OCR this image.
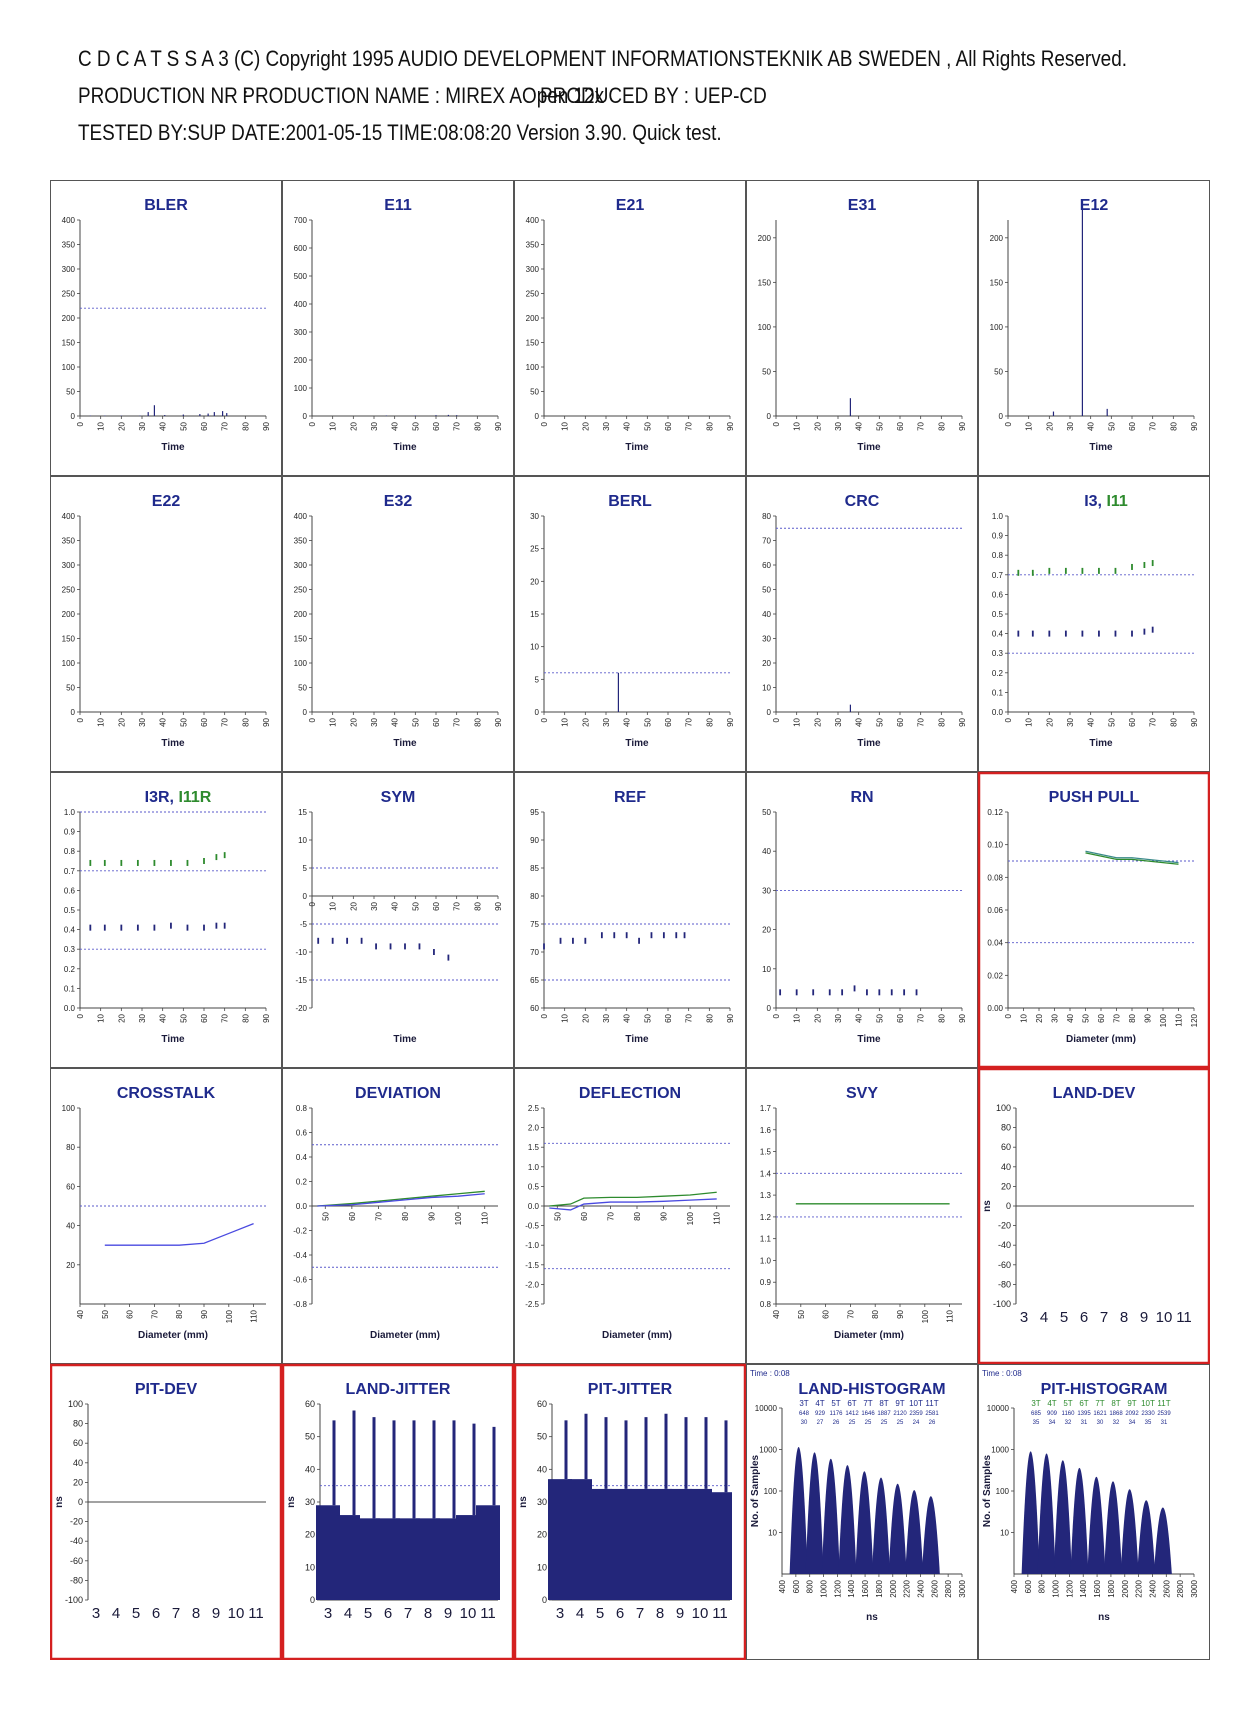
C D C A T S S A 3 (C) Copyright 1995 AUDIO DEVELOPMENT INFORMATIONSTEKNIK AB SWEDEN , All Rights Reserved.
PRODUCTION NR : PRODUCTION NAME : MIREX AOpen 12x PRODUCED BY : UEP-CD
TESTED BY:SUP DATE:2001-05-15 TIME:08:08:20 Version 3.90. Quick test.
BLER
0
50
100
150
200
250
300
350
400
0 10 20 30 40 50 60 70 80 90
Time
E11
0
100
200
300
400
500
600
700
0 10 20 30 40 50 60 70 80 90
Time
E21
0
50
100
150
200
250
300
350
400
0 10 20 30 40 50 60 70 80 90
Time
E31
0
50
100
150
200
0 10 20 30 40 50 60 70 80 90
Time
E12
0
50
100
150
200
0 10 20 30 40 50 60 70 80 90
Time
E22
0
50
100
150
200
250
300
350
400
0 10 20 30 40 50 60 70 80 90
Time
E32
0
50
100
150
200
250
300
350
400
0 10 20 30 40 50 60 70 80 90
Time
BERL
0
5
10
15
20
25
30
0 10 20 30 40 50 60 70 80 90
Time
CRC
0
10
20
30
40
50
60
70
80
0 10 20 30 40 50 60 70 80 90
Time
I3, I11
0.0
0.1
0.2
0.3
0.4
0.5
0.6
0.7
0.8
0.9
1.0
0 10 20 30 40 50 60 70 80 90
Time
I3R, I11R
0.0
0.1
0.2
0.3
0.4
0.5
0.6
0.7
0.8
0.9
1.0
0 10 20 30 40 50 60 70 80 90
Time
SYM
-20
-15
-10
-5
0
5
10
15
0 10 20 30 40 50 60 70 80 90
Time
REF
60
65
70
75
80
85
90
95
0 10 20 30 40 50 60 70 80 90
Time
RN
0
10
20
30
40
50
0 10 20 30 40 50 60 70 80 90
Time
PUSH PULL
0.00
0.02
0.04
0.06
0.08
0.10
0.12
0 10 20 30 40 50 60 70 80 90 100 110 120
Diameter (mm)
CROSSTALK
20
40
60
80
100
40 50 60 70 80 90 100 110
Diameter (mm)
DEVIATION
-0.8
-0.6
-0.4
-0.2
0.0
0.2
0.4
0.6
0.8
50 60 70 80 90 100 110
Diameter (mm)
DEFLECTION
-2.5
-2.0
-1.5
-1.0
-0.5
0.0
0.5
1.0
1.5
2.0
2.5
50 60 70 80 90 100 110
Diameter (mm)
SVY
0.8
0.9
1.0
1.1
1.2
1.3
1.4
1.5
1.6
1.7
40 50 60 70 80 90 100 110
Diameter (mm)
LAND-DEV
-100
-80
-60
-40
-20
0
20
40
60
80
100
3 4 5 6 7 8 9 10 11
ns
PIT-DEV
-100
-80
-60
-40
-20
0
20
40
60
80
100
3 4 5 6 7 8 9 10 11
ns
LAND-JITTER
0
10
20
30
40
50
60
3 4 5 6 7 8 9 10 11
ns
PIT-JITTER
0
10
20
30
40
50
60
3 4 5 6 7 8 9 10 11
ns
LAND-HISTOGRAM
Time : 0:08
10
100
1000
10000
400 600 800 1000 1200 1400 1600 1800 2000 2200 2400 2600 2800 3000
ns
No. of Samples
3T 4T 5T 6T 7T 8T 9T 10T 11T
648 929 1176 1412 1646 1887 2120 2359 2581
30 27 26 25 25 25 25 24 26
PIT-HISTOGRAM
Time : 0:08
10
100
1000
10000
400 600 800 1000 1200 1400 1600 1800 2000 2200 2400 2600 2800 3000
ns
No. of Samples
3T 4T 5T 6T 7T 8T 9T 10T 11T
685 909 1160 1395 1621 1868 2092 2330 2539
35 34 32 31 30 32 34 35 31
